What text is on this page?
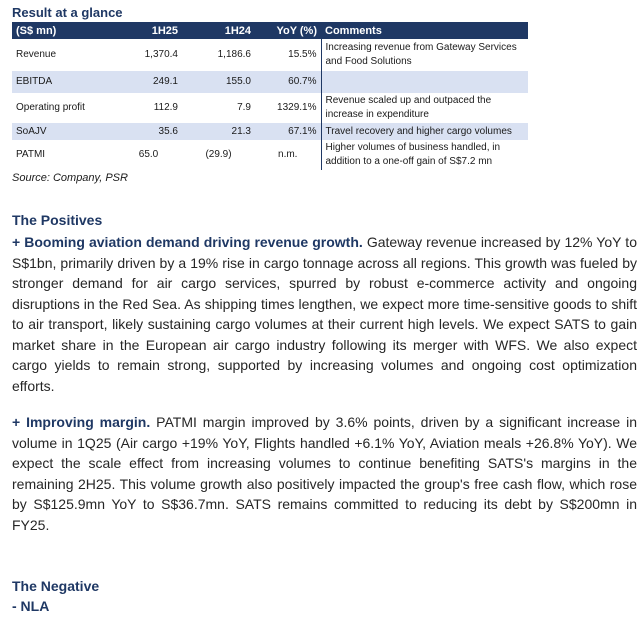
Result at a glance
(S$ mn)	1H25	1H24	YoY (%)	Comments
Revenue	1,370.4	1,186.6	15.5%	Increasing revenue from Gateway Services and Food Solutions
EBITDA	249.1	155.0	60.7%	
Operating profit	112.9	7.9	1329.1%	Revenue scaled up and outpaced the increase in expenditure
SoAJV	35.6	21.3	67.1%	Travel recovery and higher cargo volumes
PATMI	65.0	(29.9)	n.m.	Higher volumes of business handled, in addition to a one-off gain of S$7.2 mn
Source: Company, PSR
The Positives
+ Booming aviation demand driving revenue growth. Gateway revenue increased by 12% YoY to S$1bn, primarily driven by a 19% rise in cargo tonnage across all regions. This growth was fueled by stronger demand for air cargo services, spurred by robust e-commerce activity and ongoing disruptions in the Red Sea. As shipping times lengthen, we expect more time-sensitive goods to shift to air transport, likely sustaining cargo volumes at their current high levels. We expect SATS to gain market share in the European air cargo industry following its merger with WFS. We also expect cargo yields to remain strong, supported by increasing volumes and ongoing cost optimization efforts.
+ Improving margin. PATMI margin improved by 3.6% points, driven by a significant increase in volume in 1Q25 (Air cargo +19% YoY, Flights handled +6.1% YoY, Aviation meals +26.8% YoY). We expect the scale effect from increasing volumes to continue benefiting SATS's margins in the remaining 2H25. This volume growth also positively impacted the group's free cash flow, which rose by S$125.9mn YoY to S$36.7mn. SATS remains committed to reducing its debt by S$200mn in FY25.
The Negative
- NLA
